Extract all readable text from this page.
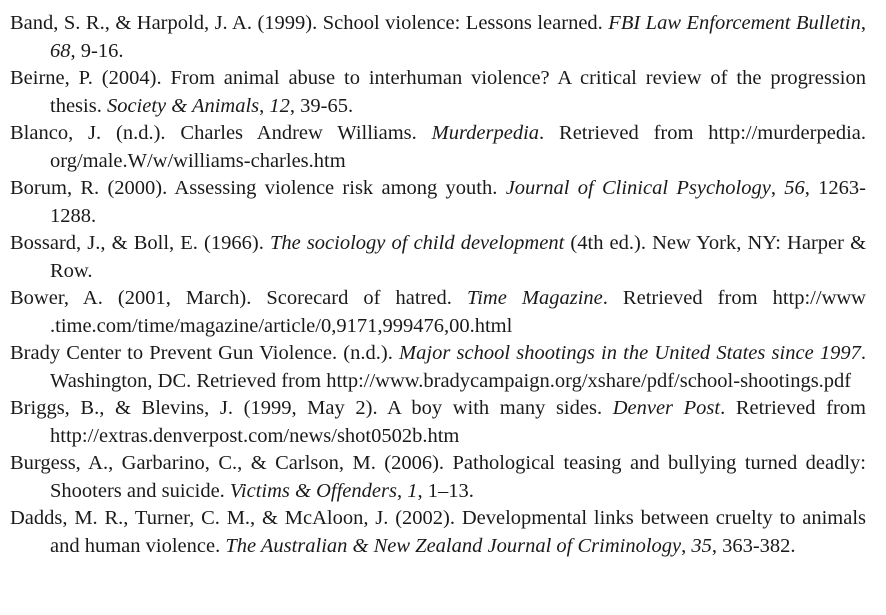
Band, S. R., & Harpold, J. A. (1999). School violence: Lessons learned. FBI Law Enforcement Bulletin, 68, 9-16.

Beirne, P. (2004). From animal abuse to interhuman violence? A critical review of the progression thesis. Society & Animals, 12, 39-65.

Blanco, J. (n.d.). Charles Andrew Williams. Murderpedia. Retrieved from http://murderpedia.​org/male.W/w/williams-charles.htm

Borum, R. (2000). Assessing violence risk among youth. Journal of Clinical Psychology, 56, 1263-1288.

Bossard, J., & Boll, E. (1966). The sociology of child development (4th ed.). New York, NY: Harper & Row.

Bower, A. (2001, March). Scorecard of hatred. Time Magazine. Retrieved from http://www​.time.com/time/magazine/article/0,9171,999476,00.html

Brady Center to Prevent Gun Violence. (n.d.). Major school shootings in the United States since 1997. Washington, DC. Retrieved from http://www.bradycampaign.org/xshare/pdf/​school-shootings.pdf

Briggs, B., & Blevins, J. (1999, May 2). A boy with many sides. Denver Post. Retrieved from http://extras.denverpost.com/news/shot0502b.htm

Burgess, A., Garbarino, C., & Carlson, M. (2006). Pathological teasing and bullying turned deadly: Shooters and suicide. Victims & Offenders, 1, 1–13.

Dadds, M. R., Turner, C. M., & McAloon, J. (2002). Developmental links between cruelty to animals and human violence. The Australian & New Zealand Journal of Criminology, 35, 363-382.
